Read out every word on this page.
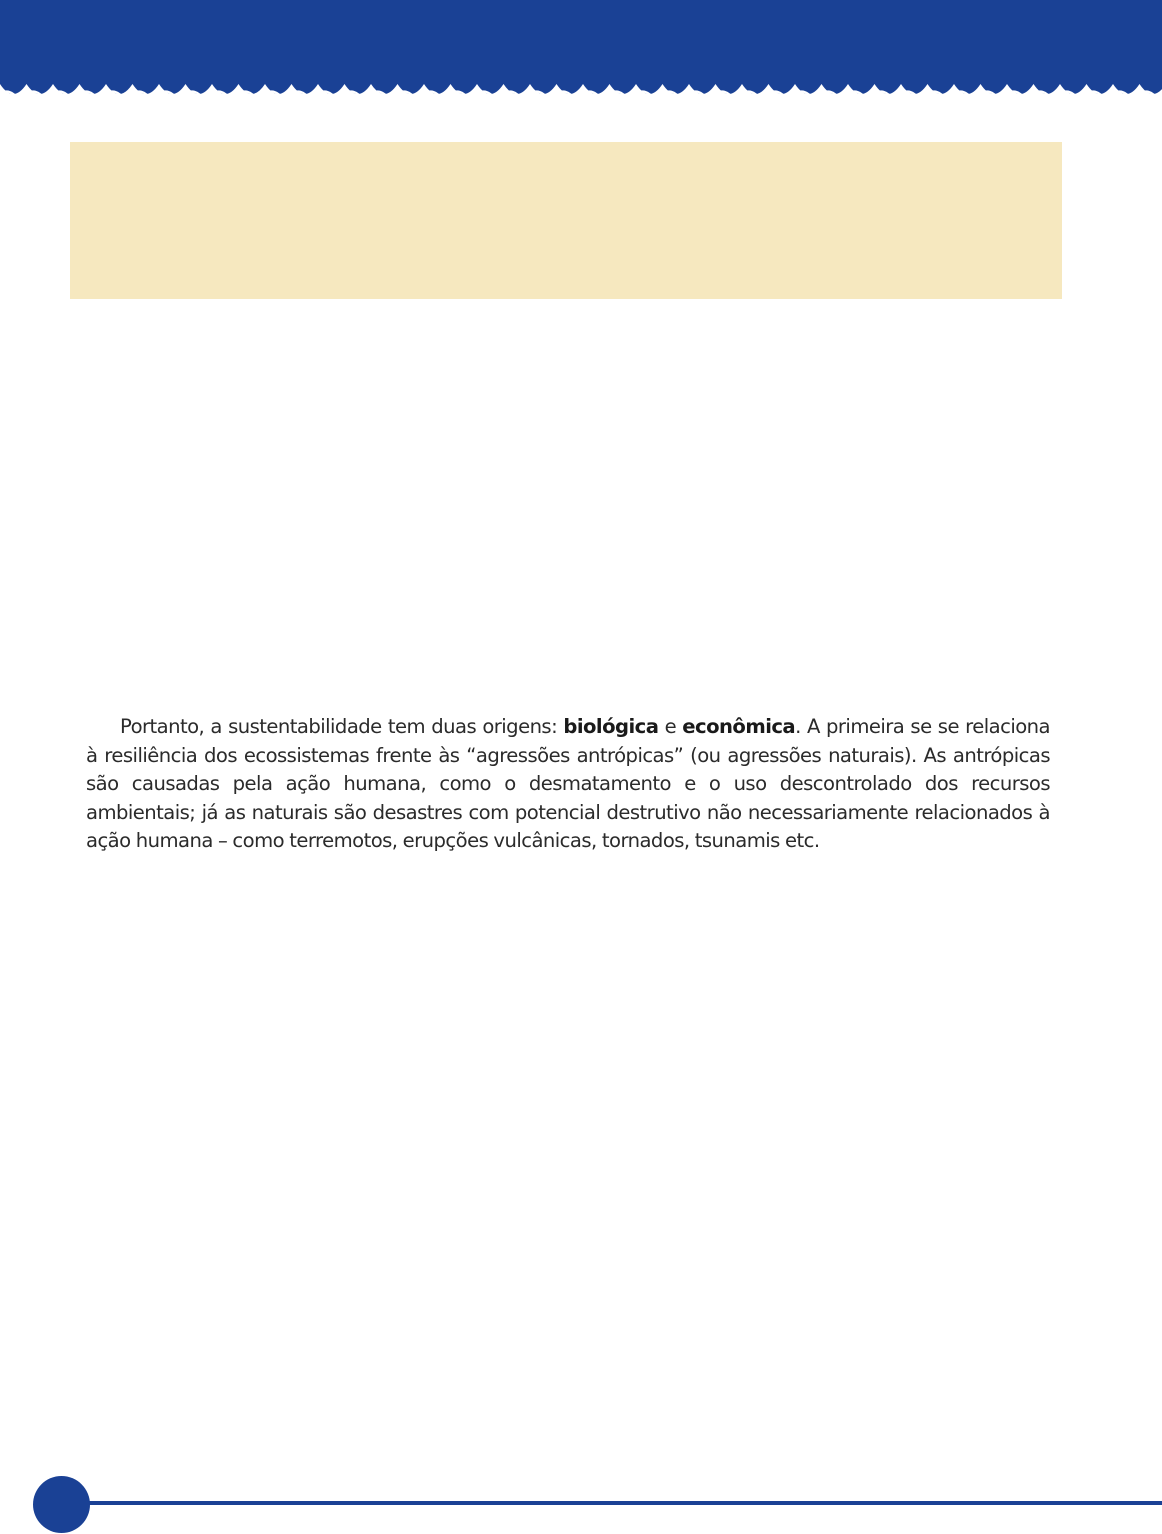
Portanto, a sustentabilidade tem duas origens: biológica e econômica. A primeira se se relaciona à resiliência dos ecossistemas frente às “agressões antrópicas” (ou agressões naturais). As antrópicas são causadas pela ação humana, como o desmatamento e o uso descontrolado dos recursos ambientais; já as naturais são desastres com potencial destrutivo não necessariamente relacionados à ação humana – como terremotos, erupções vulcânicas, tornados, tsunamis etc.
